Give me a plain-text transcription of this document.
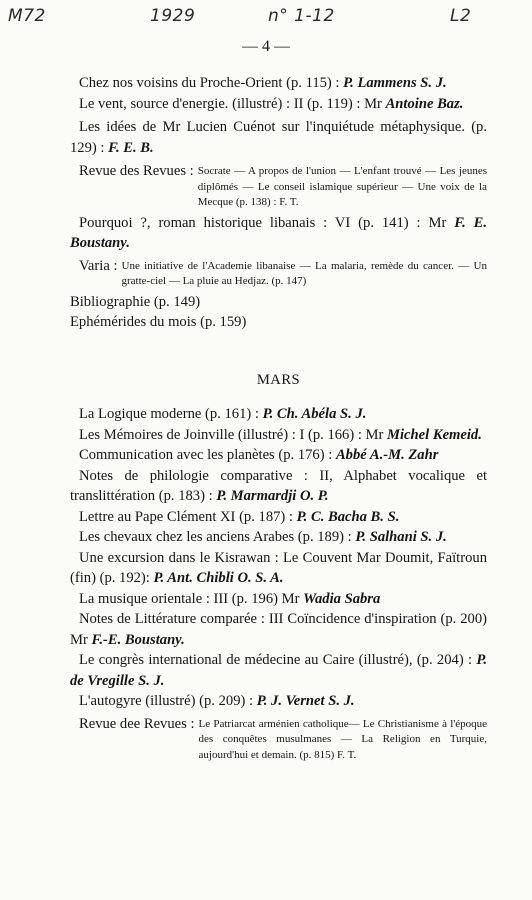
M72	1929	n° 1-12	L2
— 4 —

Chez nos voisins du Proche-Orient (p. 115) : P. Lammens S. J.

Le vent, source d'energie. (illustré) : II (p. 119) : Mr Antoine Baz.

Les idées de Mr Lucien Cuénot sur l'inquiétude métaphysique. (p. 129) : F. E. B.

Revue des Revues : Socrate — A propos de l'union — L'enfant trouvé — Les jeunes diplômés — Le conseil islamique supérieur — Une voix de la Mecque (p. 138) : F. T.

Pourquoi ?, roman historique libanais : VI (p. 141) : Mr F. E. Boustany.

Varia : Une initiative de l'Academie libanaise — La malaria, remède du cancer. — Un gratte-ciel — La pluie au Hedjaz. (p. 147)

Bibliographie (p. 149)

Ephémérides du mois (p. 159)

MARS

La Logique moderne (p. 161) : P. Ch. Abéla S. J.

Les Mémoires de Joinville (illustré) : I (p. 166) : Mr Michel Kemeid.

Communication avec les planètes (p. 176) : Abbé A.-M. Zahr

Notes de philologie comparative : II, Alphabet vocalique et translittération (p. 183) : P. Marmardji O. P.

Lettre au Pape Clément XI (p. 187) : P. C. Bacha B. S.

Les chevaux chez les anciens Arabes (p. 189) : P. Salhani S. J.

Une excursion dans le Kisrawan : Le Couvent Mar Doumit, Faïtroun (fin) (p. 192): P. Ant. Chibli O. S. A.

La musique orientale : III (p. 196) Mr Wadia Sabra

Notes de Littérature comparée : III Coïncidence d'inspiration (p. 200) Mr F.-E. Boustany.

Le congrès international de médecine au Caire (illustré), (p. 204) : P. de Vregille S. J.

L'autogyre (illustré) (p. 209) : P. J. Vernet S. J.

Revue dee Revues : Le Patriarcat arménien catholique— Le Christianisme à l'époque des conquêtes musulmanes — La Religion en Turquie, aujourd'hui et demain. (p. 815) F. T.
